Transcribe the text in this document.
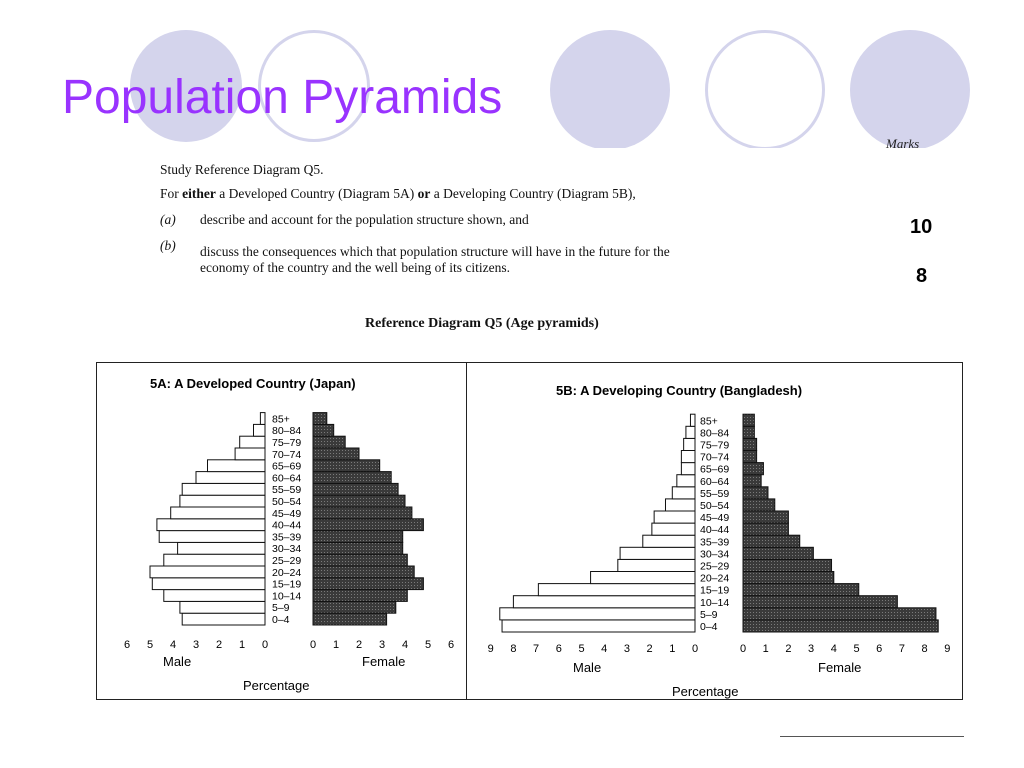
Population Pyramids
Marks
Study Reference Diagram Q5.
For either a Developed Country (Diagram 5A) or a Developing Country (Diagram 5B),
(a) describe and account for the population structure shown, and
(b) discuss the consequences which that population structure will have in the future for the
economy of the country and the well being of its citizens.
10
8
Reference Diagram Q5 (Age pyramids)
5A: A Developed Country (Japan)
0–4
5–9
10–14
15–19
20–24
25–29
30–34
35–39
40–44
45–49
50–54
55–59
60–64
65–69
70–74
75–79
80–84
85+
0
0	1
1	2
2	3
3	4
4	5
5	6
6
Male	Female
Percentage
5B: A Developing Country (Bangladesh)
0–4
5–9
10–14
15–19
20–24
25–29
30–34
35–39
40–44
45–49
50–54
55–59
60–64
65–69
70–74
75–79
80–84
85+
0
0	1
1	2
2	3
3	4
4	5
5	6
6	7
7	8
8	9
9
Male	Female
Percentage
